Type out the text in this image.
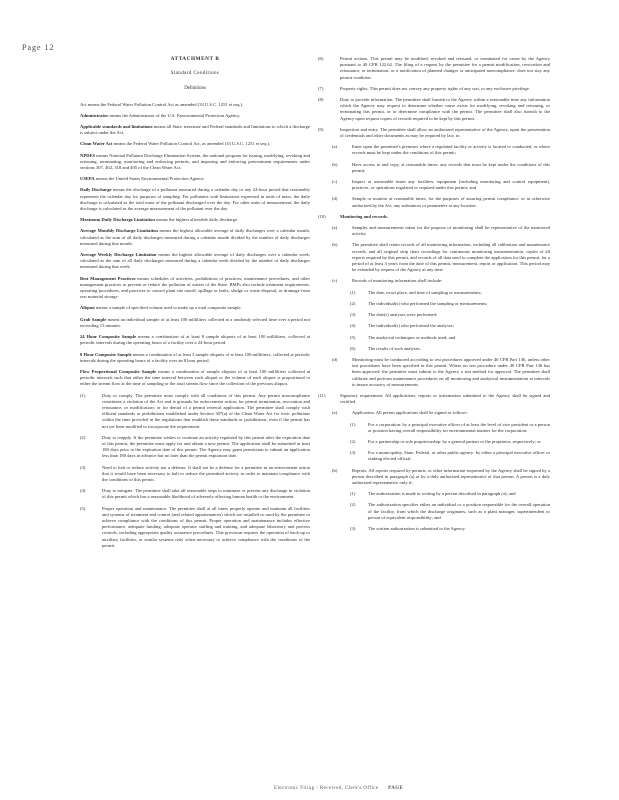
Page 12
ATTACHMENT B
Standard Conditions
Definitions

Act means the Federal Water Pollution Control Act as amended (33 U.S.C. 1251 et seq.).

Administrator means the Administrator of the U.S. Environmental Protection Agency.

Applicable standards and limitations means all State, interstate and Federal standards and limitations to which a discharge is subject under the Act.

Clean Water Act means the Federal Water Pollution Control Act, as amended (33 U.S.C. 1251 et seq.).

NPDES means National Pollutant Discharge Elimination System, the national program for issuing, modifying, revoking and reissuing, terminating, monitoring and enforcing permits, and imposing and enforcing pretreatment requirements under sections 307, 402, 318 and 405 of the Clean Water Act.

USEPA means the United States Environmental Protection Agency.

Daily Discharge means the discharge of a pollutant measured during a calendar day or any 24-hour period that reasonably represents the calendar day for purposes of sampling. For pollutants with limitations expressed in units of mass, the daily discharge is calculated as the total mass of the pollutant discharged over the day. For other units of measurement, the daily discharge is calculated as the average measurement of the pollutant over the day.

Maximum Daily Discharge Limitation means the highest allowable daily discharge.

Average Monthly Discharge Limitation means the highest allowable average of daily discharges over a calendar month, calculated as the sum of all daily discharges measured during a calendar month divided by the number of daily discharges measured during that month.

Average Weekly Discharge Limitation means the highest allowable average of daily discharges over a calendar week, calculated as the sum of all daily discharges measured during a calendar week divided by the number of daily discharges measured during that week.

Best Management Practices means schedules of activities, prohibitions of practices, maintenance procedures, and other management practices to prevent or reduce the pollution of waters of the State. BMPs also include treatment requirements, operating procedures, and practices to control plant site runoff, spillage or leaks, sludge or waste disposal, or drainage from raw material storage.

Aliquot means a sample of specified volume used to make up a total composite sample.

Grab Sample means an individual sample of at least 100 milliliters collected at a randomly selected time over a period not exceeding 15 minutes.

24 Hour Composite Sample means a combination of at least 8 sample aliquots of at least 100 milliliters, collected at periodic intervals during the operating hours of a facility over a 24-hour period.

8 Hour Composite Sample means a combination of at least 3 sample aliquots of at least 100 milliliters, collected at periodic intervals during the operating hours of a facility over an 8 hour period.

Flow Proportional Composite Sample means a combination of sample aliquots of at least 100 milliliters collected at periodic intervals such that either the time interval between each aliquot or the volume of each aliquot is proportional to either the stream flow at the time of sampling or the total stream flow since the collection of the previous aliquot.

(1)	Duty to comply. The permittee must comply with all conditions of this permit. Any permit noncompliance constitutes a violation of the Act and is grounds for enforcement action; for permit termination, revocation and reissuance, or modification; or for denial of a permit renewal application. The permittee shall comply with effluent standards or prohibitions established under Section 307(a) of the Clean Water Act for toxic pollutants within the time provided in the regulations that establish these standards or prohibitions, even if the permit has not yet been modified to incorporate the requirement.
(2)	Duty to reapply. If the permittee wishes to continue an activity regulated by this permit after the expiration date of this permit, the permittee must apply for and obtain a new permit. The application shall be submitted at least 180 days prior to the expiration date of this permit. The Agency may grant permission to submit an application less than 180 days in advance but no later than the permit expiration date.
(3)	Need to halt or reduce activity not a defense. It shall not be a defense for a permittee in an enforcement action that it would have been necessary to halt or reduce the permitted activity in order to maintain compliance with the conditions of this permit.
(4)	Duty to mitigate. The permittee shall take all reasonable steps to minimize or prevent any discharge in violation of this permit which has a reasonable likelihood of adversely affecting human health or the environment.
(5)	Proper operation and maintenance. The permittee shall at all times properly operate and maintain all facilities and systems of treatment and control (and related appurtenances) which are installed or used by the permittee to achieve compliance with the conditions of this permit. Proper operation and maintenance includes effective performance, adequate funding, adequate operator staffing and training, and adequate laboratory and process controls, including appropriate quality assurance procedures. This provision requires the operation of back-up or auxiliary facilities, or similar systems only when necessary to achieve compliance with the conditions of the permit.
(6)	Permit actions. This permit may be modified, revoked and reissued, or terminated for cause by the Agency pursuant to 40 CFR 122.62. The filing of a request by the permittee for a permit modification, revocation and reissuance, or termination, or a notification of planned changes or anticipated noncompliance, does not stay any permit condition.
(7)	Property rights. This permit does not convey any property rights of any sort, or any exclusive privilege.
(8)	Duty to provide information. The permittee shall furnish to the Agency within a reasonable time any information which the Agency may request to determine whether cause exists for modifying, revoking and reissuing, or terminating this permit, or to determine compliance with the permit. The permittee shall also furnish to the Agency upon request copies of records required to be kept by this permit.
(9)	Inspection and entry. The permittee shall allow an authorized representative of the Agency, upon the presentation of credentials and other documents as may be required by law, to:
(a)	Enter upon the permittee's premises where a regulated facility or activity is located or conducted, or where records must be kept under the conditions of this permit;
(b)	Have access to and copy, at reasonable times, any records that must be kept under the conditions of this permit;
(c)	Inspect at reasonable times any facilities, equipment (including monitoring and control equipment), practices, or operations regulated or required under this permit; and
(d)	Sample or monitor at reasonable times, for the purposes of assuring permit compliance, or as otherwise authorized by the Act, any substances or parameters at any location.
(10)	Monitoring and records.
(a)	Samples and measurements taken for the purpose of monitoring shall be representative of the monitored activity.
(b)	The permittee shall retain records of all monitoring information, including all calibration and maintenance records, and all original strip chart recordings for continuous monitoring instrumentation, copies of all reports required by this permit, and records of all data used to complete the application for this permit, for a period of at least 3 years from the date of this permit, measurement, report or application. This period may be extended by request of the Agency at any time.
(c)	Records of monitoring information shall include:
(1)	The date, exact place, and time of sampling or measurements;
(2)	The individual(s) who performed the sampling or measurements;
(3)	The date(s) analyses were performed;
(4)	The individual(s) who performed the analyses;
(5)	The analytical techniques or methods used; and
(6)	The results of such analyses.
(d)	Monitoring must be conducted according to test procedures approved under 40 CFR Part 136, unless other test procedures have been specified in this permit. Where no test procedure under 40 CFR Part 136 has been approved, the permittee must submit to the Agency a test method for approval. The permittee shall calibrate and perform maintenance procedures on all monitoring and analytical instrumentation at intervals to insure accuracy of measurements.
(11)	Signatory requirement. All applications, reports or information submitted to the Agency shall be signed and certified.
(a)	Application. All permit applications shall be signed as follows:
(1)	For a corporation: by a principal executive officer of at least the level of vice president or a person or position having overall responsibility for environmental matters for the corporation;
(2)	For a partnership or sole proprietorship: by a general partner or the proprietor, respectively; or
(3)	For a municipality, State, Federal, or other public agency: by either a principal executive officer or ranking elected official.
(b)	Reports. All reports required by permits, or other information requested by the Agency shall be signed by a person described in paragraph (a) or by a duly authorized representative of that person. A person is a duly authorized representative only if:
(1)	The authorization is made in writing by a person described in paragraph (a); and
(2)	The authorization specifies either an individual or a position responsible for the overall operation of the facility, from which the discharge originates, such as a plant manager, superintendent or person of equivalent responsibility; and
(3)	The written authorization is submitted to the Agency.
Electronic Filing - Received, Clerk's Office PAGE
